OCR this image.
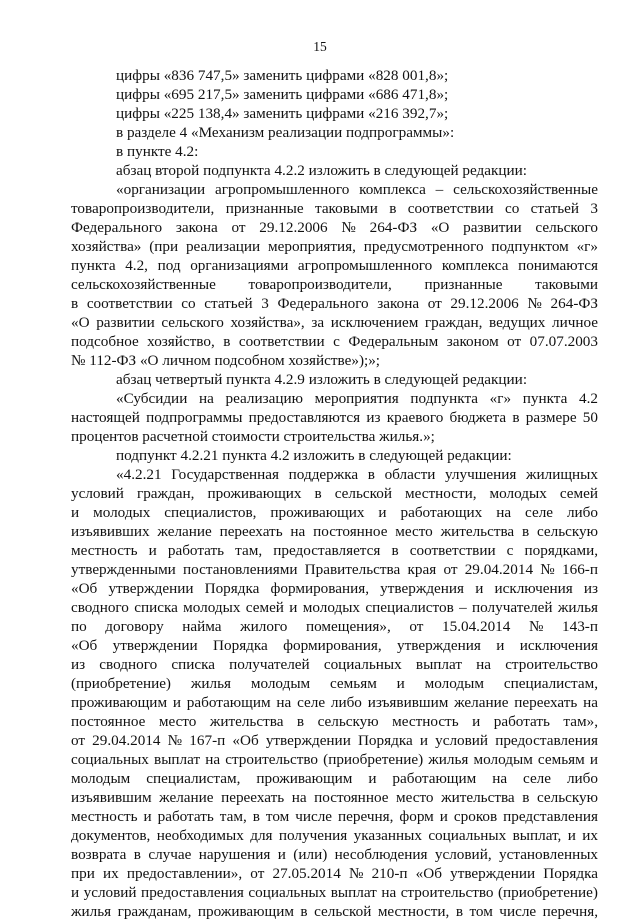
15
цифры «836 747,5» заменить цифрами «828 001,8»;
цифры «695 217,5» заменить цифрами «686 471,8»;
цифры «225 138,4» заменить цифрами «216 392,7»;
в разделе 4 «Механизм реализации подпрограммы»:
в пункте 4.2:
абзац второй подпункта 4.2.2 изложить в следующей редакции:
«организации агропромышленного комплекса – сельскохозяйственные
товаропроизводители, признанные таковыми в соответствии со статьей 3
Федерального закона от 29.12.2006 № 264-ФЗ «О развитии сельского
хозяйства» (при реализации мероприятия, предусмотренного подпунктом «г»
пункта 4.2, под организациями агропромышленного комплекса понимаются
сельскохозяйственные товаропроизводители, признанные таковыми
в соответствии со статьей 3 Федерального закона от 29.12.2006 № 264-ФЗ
«О развитии сельского хозяйства», за исключением граждан, ведущих личное
подсобное хозяйство, в соответствии с Федеральным законом от 07.07.2003
№ 112-ФЗ «О личном подсобном хозяйстве»);»;
абзац четвертый пункта 4.2.9 изложить в следующей редакции:
«Субсидии на реализацию мероприятия подпункта «г» пункта 4.2
настоящей подпрограммы предоставляются из краевого бюджета в размере 50
процентов расчетной стоимости строительства жилья.»;
подпункт 4.2.21 пункта 4.2 изложить в следующей редакции:
«4.2.21 Государственная поддержка в области улучшения жилищных
условий граждан, проживающих в сельской местности, молодых семей
и молодых специалистов, проживающих и работающих на селе либо
изъявивших желание переехать на постоянное место жительства в сельскую
местность и работать там, предоставляется в соответствии с порядками,
утвержденными постановлениями Правительства края от 29.04.2014 № 166-п
«Об утверждении Порядка формирования, утверждения и исключения из
сводного списка молодых семей и молодых специалистов – получателей жилья
по договору найма жилого помещения», от 15.04.2014 № 143-п
«Об утверждении Порядка формирования, утверждения и исключения
из сводного списка получателей социальных выплат на строительство
(приобретение) жилья молодым семьям и молодым специалистам,
проживающим и работающим на селе либо изъявившим желание переехать на
постоянное место жительства в сельскую местность и работать там»,
от 29.04.2014 № 167-п «Об утверждении Порядка и условий предоставления
социальных выплат на строительство (приобретение) жилья молодым семьям и
молодым специалистам, проживающим и работающим на селе либо
изъявившим желание переехать на постоянное место жительства в сельскую
местность и работать там, в том числе перечня, форм и сроков представления
документов, необходимых для получения указанных социальных выплат, и их
возврата в случае нарушения и (или) несоблюдения условий, установленных
при их предоставлении», от 27.05.2014 № 210-п «Об утверждении Порядка
и условий предоставления социальных выплат на строительство (приобретение)
жилья гражданам, проживающим в сельской местности, в том числе перечня,
